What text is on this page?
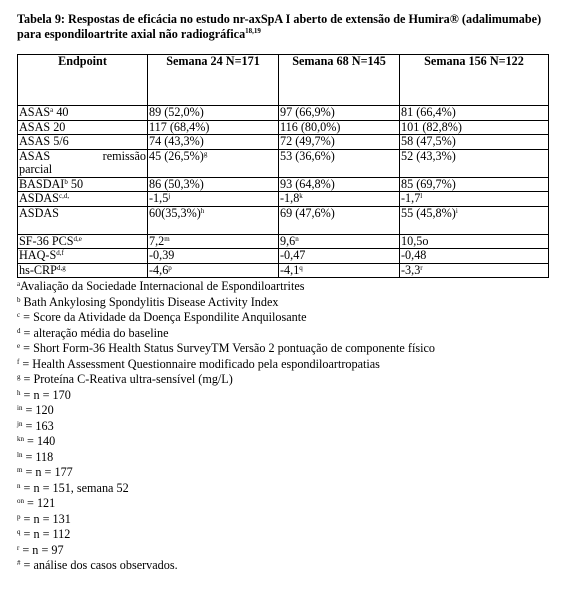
Tabela 9: Respostas de eficácia no estudo nr-axSpA I aberto de extensão de Humira® (adalimumabe) para espondiloartrite axial não radiográfica$^{18,19}$
Endpoint	Semana 24 N=171	Semana 68 N=145	Semana 156 N=122
ASAS$^a$ 40	89 (52,0%)	97 (66,9%)	81 (66,4%)
ASAS 20	117 (68,4%)	116 (80,0%)	101 (82,8%)
ASAS 5/6	74 (43,3%)	72 (49,7%)	58 (47,5%)

ASAS remissão
parcial	45 $(26,5\%)^g$	53 (36,6%)	52 (43,3%)
BASDAI$^b$ 50	86 (50,3%)	93 (64,8%)	85 (69,7%)
$ASDAS^{c,d,}$	-1,5$^j$	-1,8$^k$	-1,7$^l$
ASDAS	$60(35,3\%)^h$	69 (47,6%)	55 $(45,8\%)^i$
SF-36 PCS$^{d,e}$	7,2$^m$	9,6$^n$	10,5o
HAQ-$S^{d,f}$	-0,39	-0,47	-0,48
hs-CRP$^{d,g}$	-4,6$^p$	-4,1$^q$	-3,3$^r$
$^a$Avaliação da Sociedade Internacional de Espondiloartrites
$^b$ Bath Ankylosing Spondylitis Disease Activity Index
$^c$ = Score da Atividade da Doença Espondilite Anquilosante
$^d$ = alteração média do baseline
$^e$ = Short Form-36 Health Status SurveyTM Versão 2 pontuação de componente físico
$^f$ = Health Assessment Questionnaire modificado pela espondiloartropatias
$^g$ = Proteína C-Reativa ultra-sensível (mg/L)
$^h$ = n = 170
$^{in}$ = 120
$^{jn}$ = 163
$^{kn}$ = 140
$^{ln}$ = 118
$^m$ = n = 177
$^n$ = n = 151, semana 52
$^{on}$ = 121
$^p$ = n = 131
$^q$ = n = 112
$^r$ = n = 97
# = análise dos casos observados.
